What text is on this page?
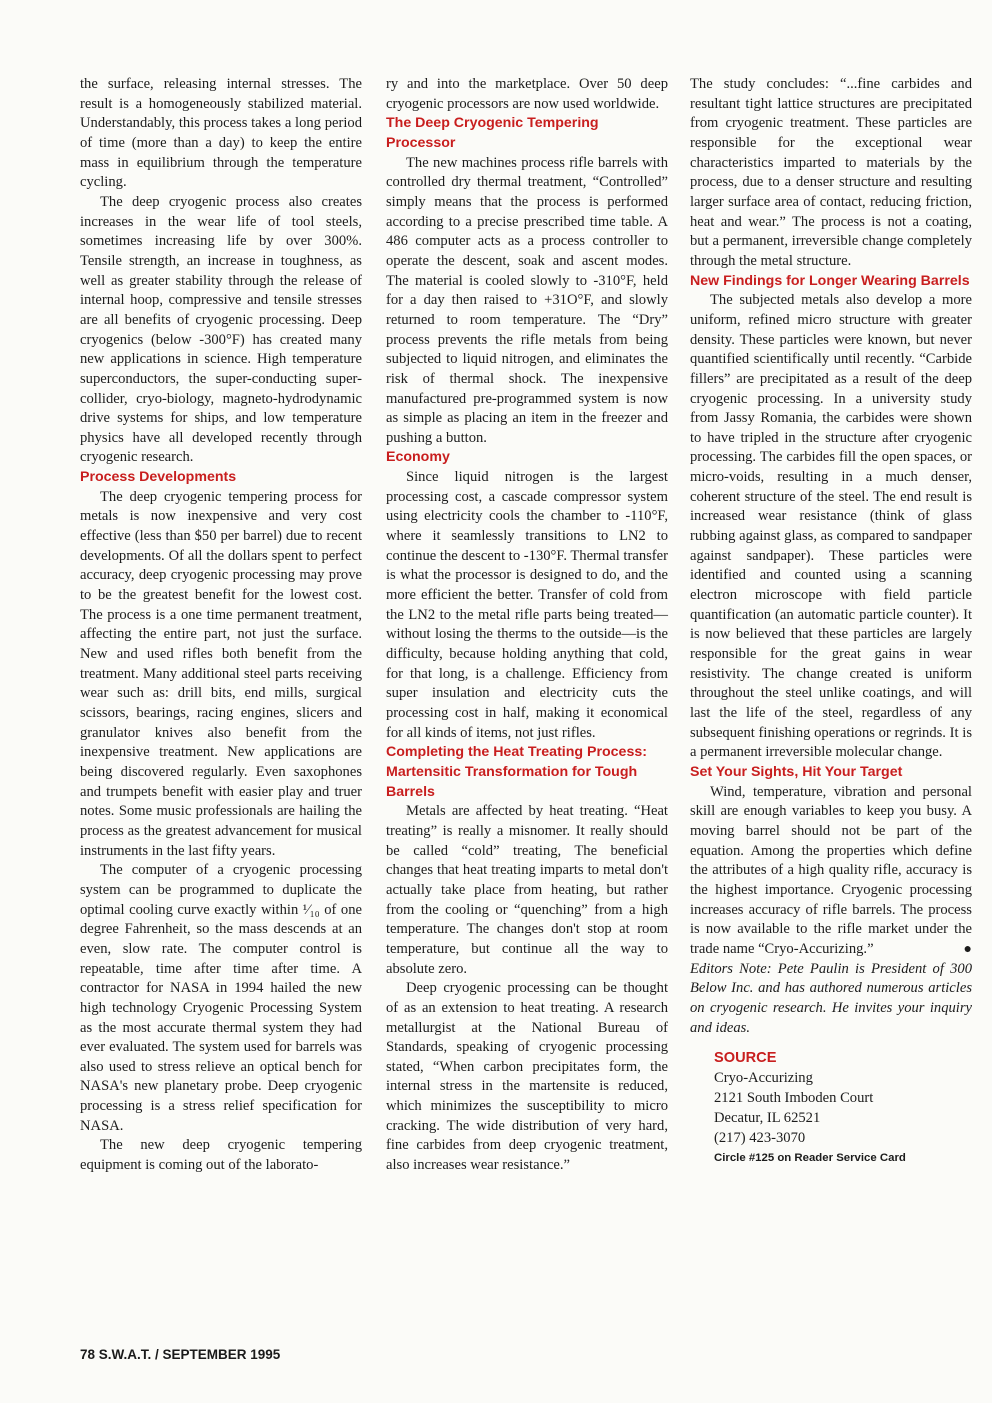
the surface, releasing internal stresses. The result is a homogeneously stabilized material. Understandably, this process takes a long period of time (more than a day) to keep the entire mass in equilibrium through the temperature cycling.

The deep cryogenic process also creates increases in the wear life of tool steels, sometimes increasing life by over 300%. Tensile strength, an increase in toughness, as well as greater stability through the release of internal hoop, compressive and tensile stresses are all benefits of cryogenic processing. Deep cryogenics (below -300°F) has created many new applications in science. High temperature superconductors, the super-conducting super-collider, cryo-biology, magneto-hydrodynamic drive systems for ships, and low temperature physics have all developed recently through cryogenic research.

Process Developments

The deep cryogenic tempering process for metals is now inexpensive and very cost effective (less than $50 per barrel) due to recent developments. Of all the dollars spent to perfect accuracy, deep cryogenic processing may prove to be the greatest benefit for the lowest cost. The process is a one time permanent treatment, affecting the entire part, not just the surface. New and used rifles both benefit from the treatment. Many additional steel parts receiving wear such as: drill bits, end mills, surgical scissors, bearings, racing engines, slicers and granulator knives also benefit from the inexpensive treatment. New applications are being discovered regularly. Even saxophones and trumpets benefit with easier play and truer notes. Some music professionals are hailing the process as the greatest advancement for musical instruments in the last fifty years.

The computer of a cryogenic processing system can be programmed to duplicate the optimal cooling curve exactly within ¹⁄₁₀ of one degree Fahrenheit, so the mass descends at an even, slow rate. The computer control is repeatable, time after time after time. A contractor for NASA in 1994 hailed the new high technology Cryogenic Processing System as the most accurate thermal system they had ever evaluated. The system used for barrels was also used to stress relieve an optical bench for NASA's new planetary probe. Deep cryogenic processing is a stress relief specification for NASA.

The new deep cryogenic tempering equipment is coming out of the laborato-

ry and into the marketplace. Over 50 deep cryogenic processors are now used worldwide.

The Deep Cryogenic Tempering Processor

The new machines process rifle barrels with controlled dry thermal treatment, “Controlled” simply means that the process is performed according to a precise prescribed time table. A 486 computer acts as a process controller to operate the descent, soak and ascent modes. The material is cooled slowly to -310°F, held for a day then raised to +31O°F, and slowly returned to room temperature. The “Dry” process prevents the rifle metals from being subjected to liquid nitrogen, and eliminates the risk of thermal shock. The inexpensive manufactured pre-programmed system is now as simple as placing an item in the freezer and pushing a button.

Economy

Since liquid nitrogen is the largest processing cost, a cascade compressor system using electricity cools the chamber to -110°F, where it seamlessly transitions to LN2 to continue the descent to -130°F. Thermal transfer is what the processor is designed to do, and the more efficient the better. Transfer of cold from the LN2 to the metal rifle parts being treated—without losing the therms to the outside—is the difficulty, because holding anything that cold, for that long, is a challenge. Efficiency from super insulation and electricity cuts the processing cost in half, making it economical for all kinds of items, not just rifles.

Completing the Heat Treating Process: Martensitic Transformation for Tough Barrels

Metals are affected by heat treating. “Heat treating” is really a misnomer. It really should be called “cold” treating, The beneficial changes that heat treating imparts to metal don't actually take place from heating, but rather from the cooling or “quenching” from a high temperature. The changes don't stop at room temperature, but continue all the way to absolute zero.

Deep cryogenic processing can be thought of as an extension to heat treating. A research metallurgist at the National Bureau of Standards, speaking of cryogenic processing stated, “When carbon precipitates form, the internal stress in the martensite is reduced, which minimizes the susceptibility to micro cracking. The wide distribution of very hard, fine carbides from deep cryogenic treatment, also increases wear resistance.”

The study concludes: “...fine carbides and resultant tight lattice structures are precipitated from cryogenic treatment. These particles are responsible for the exceptional wear characteristics imparted to materials by the process, due to a denser structure and resulting larger surface area of contact, reducing friction, heat and wear.” The process is not a coating, but a permanent, irreversible change completely through the metal structure.

New Findings for Longer Wearing Barrels

The subjected metals also develop a more uniform, refined micro structure with greater density. These particles were known, but never quantified scientifically until recently. “Carbide fillers” are precipitated as a result of the deep cryogenic processing. In a university study from Jassy Romania, the carbides were shown to have tripled in the structure after cryogenic processing. The carbides fill the open spaces, or micro-voids, resulting in a much denser, coherent structure of the steel. The end result is increased wear resistance (think of glass rubbing against glass, as compared to sandpaper against sandpaper). These particles were identified and counted using a scanning electron microscope with field particle quantification (an automatic particle counter). It is now believed that these particles are largely responsible for the great gains in wear resistivity. The change created is uniform throughout the steel unlike coatings, and will last the life of the steel, regardless of any subsequent finishing operations or regrinds. It is a permanent irreversible molecular change.

Set Your Sights, Hit Your Target

Wind, temperature, vibration and personal skill are enough variables to keep you busy. A moving barrel should not be part of the equation. Among the properties which define the attributes of a high quality rifle, accuracy is the highest importance. Cryogenic processing increases accuracy of rifle barrels. The process is now available to the rifle market under the trade name “Cryo-Accurizing.”	●

Editors Note: Pete Paulin is President of 300 Below Inc. and has authored numerous articles on cryogenic research. He invites your inquiry and ideas.

SOURCE
Cryo-Accurizing
2121 South Imboden Court
Decatur, IL 62521
(217) 423-3070
Circle #125 on Reader Service Card
78 S.W.A.T. / SEPTEMBER 1995
